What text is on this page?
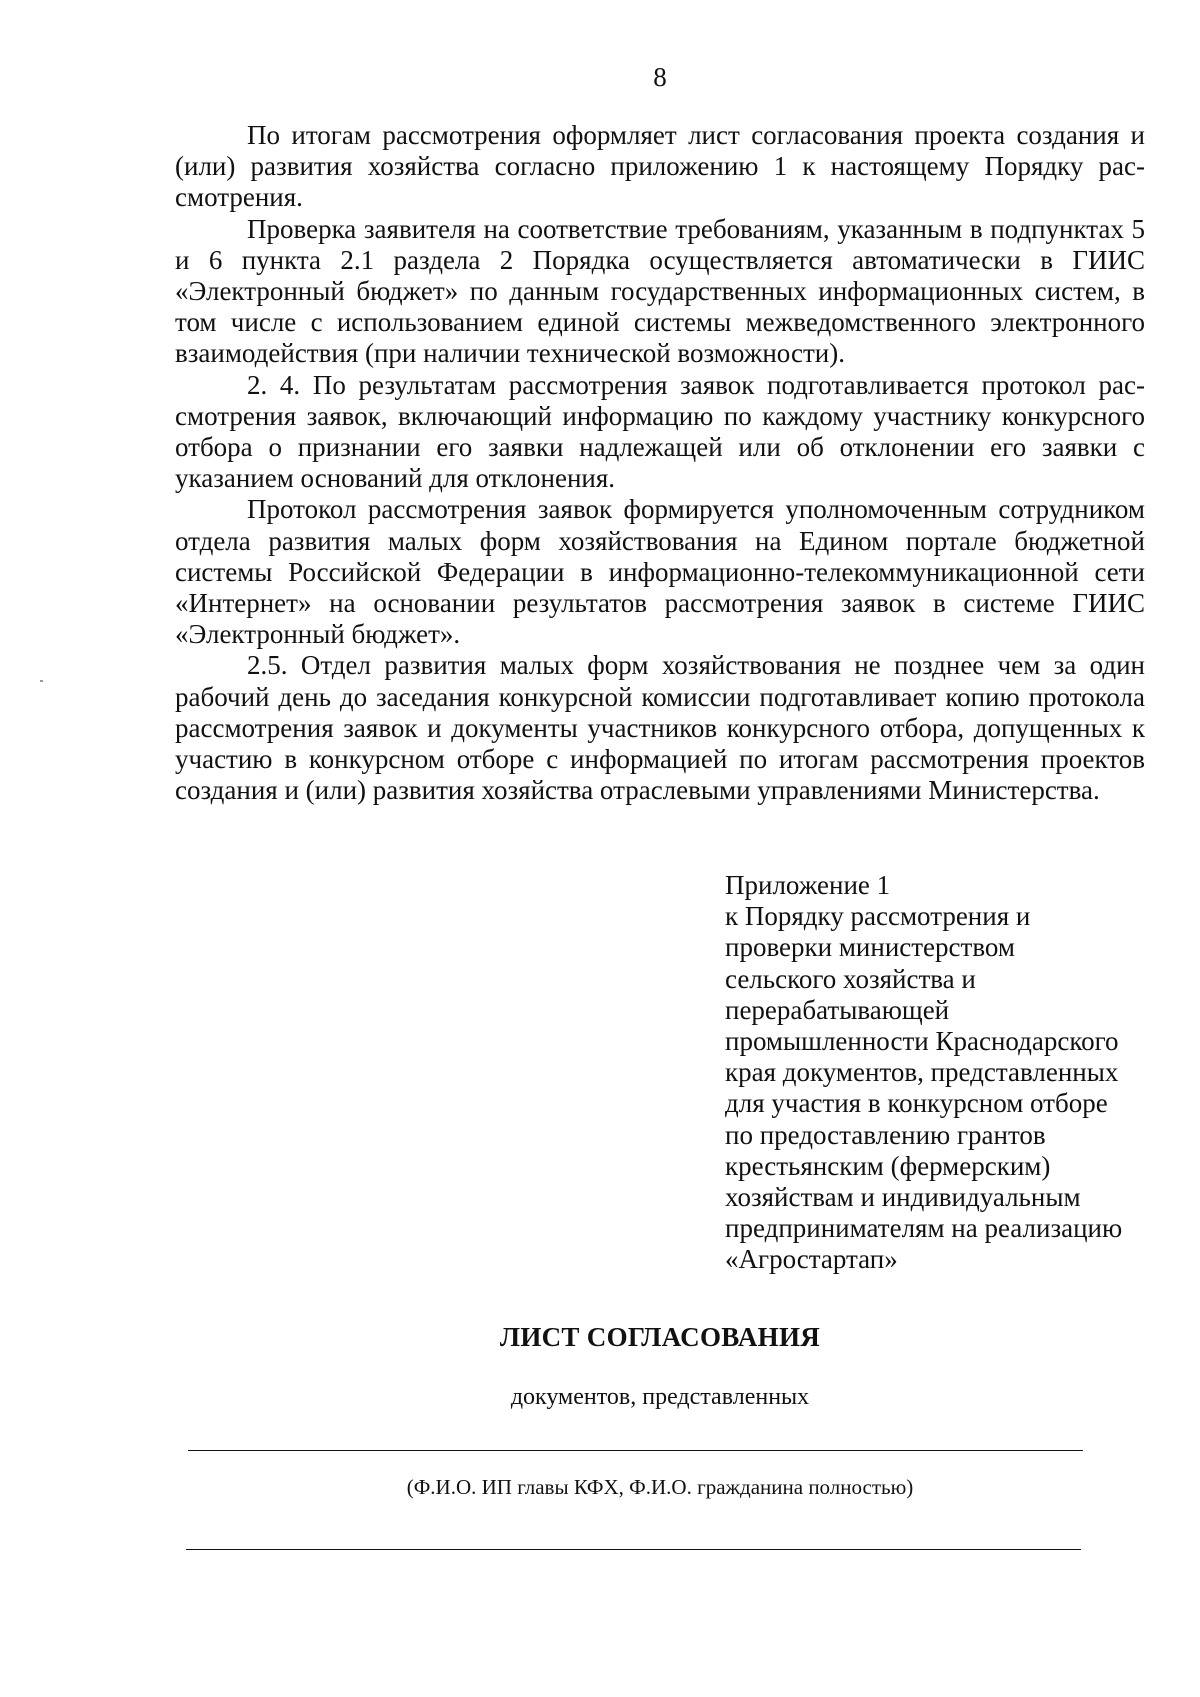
8

По итогам рассмотрения оформляет лист согласования проекта создания и (или) развития хозяйства согласно приложению 1 к настоящему Порядку рассмотрения.

Проверка заявителя на соответствие требованиям, указанным в подпунктах 5 и 6 пункта 2.1 раздела 2 Порядка осуществляется автоматически в ГИИС «Электронный бюджет» по данным государственных информационных систем, в том числе с использованием единой системы межведомственного электронного взаимодействия (при наличии технической возможности).

2. 4. По результатам рассмотрения заявок подготавливается протокол рассмотрения заявок, включающий информацию по каждому участнику конкурсного отбора о признании его заявки надлежащей или об отклонении его заявки с указанием оснований для отклонения.

Протокол рассмотрения заявок формируется уполномоченным сотрудником отдела развития малых форм хозяйствования на Едином портале бюджетной системы Российской Федерации в информационно-телекоммуникационной сети «Интернет» на основании результатов рассмотрения заявок в системе ГИИС «Электронный бюджет».

2.5. Отдел развития малых форм хозяйствования не позднее чем за один рабочий день до заседания конкурсной комиссии подготавливает копию протокола рассмотрения заявок и документы участников конкурсного отбора, допущенных к участию в конкурсном отборе с информацией по итогам рассмотрения проектов создания и (или) развития хозяйства отраслевыми управлениями Министерства.

Приложение 1
к Порядку рассмотрения и
проверки министерством
сельского хозяйства и
перерабатывающей
промышленности Краснодарского
края документов, представленных
для участия в конкурсном отборе
по предоставлению грантов
крестьянским (фермерским)
хозяйствам и индивидуальным
предпринимателям на реализацию
«Агростартап»
ЛИСТ СОГЛАСОВАНИЯ
документов, представленных
(Ф.И.О. ИП главы КФХ, Ф.И.О. гражданина полностью)
